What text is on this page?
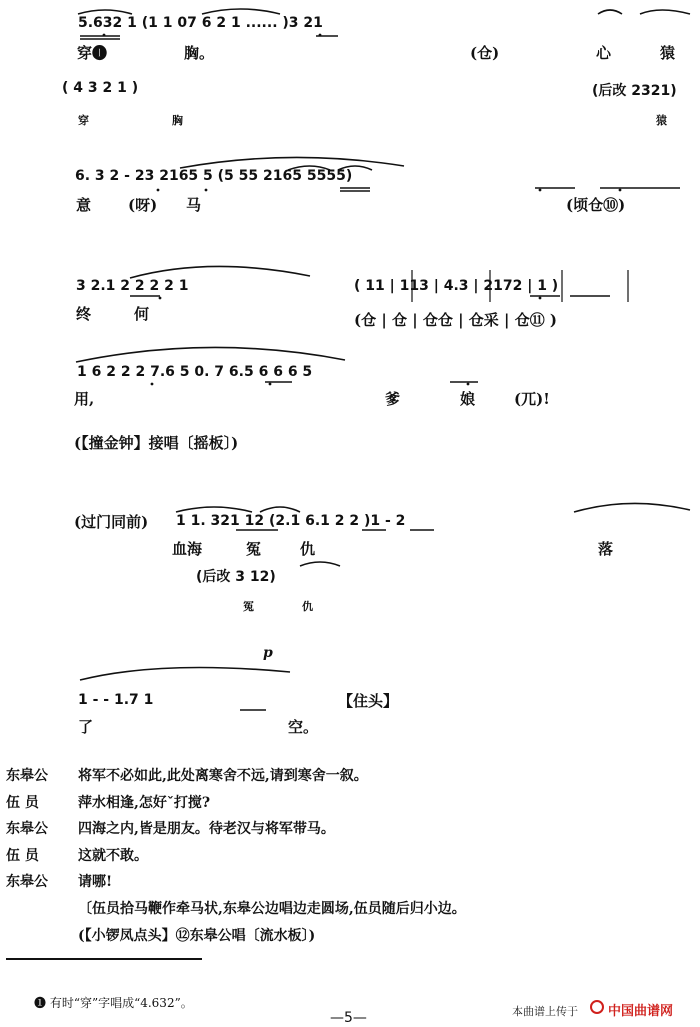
5.632 1 (1 1 07 6 2 1 ...... )3 21
穿❶	胸。	(仓)	心	猿
( 4 3 2 1 )	(后改 2321)
穿	胸	猿
6. 3 2 - 23 2165 5 (5 55 2165 5555)
意 (呀) 马	(顷仓⑩)
3 2.1 2 2 2 2 1
终	何
( 11 | 113 | 4.3 | 2172 | 1 )
(仓 | 仓 | 仓仓 | 仓采 | 仓⑪ )
1 6 2 2 2 7.6 5 0. 7 6.5 6 6 6 5
用,	爹	娘	(兀)!
(【撞金钟】接唱〔摇板〕)
(过门同前) 1 1. 321 12 (2.1 6.1 2 2 )1 - 2
血海	冤	仇	落
(后改 3 12)
冤	仇
p
1 - - 1.7 1	【住头】
了	空。
东皋公 将军不必如此,此处离寒舍不远,请到寒舍一叙。
伍 员	萍水相逢,怎好ˇ打搅?
东皋公 四海之内,皆是朋友。待老汉与将军带马。
伍 员	这就不敢。
东皋公 请哪!
〔伍员拾马鞭作牵马状,东皋公边唱边走圆场,伍员随后归小边。
(【小锣凤点头】⑫东皋公唱〔流水板〕)
❶ 有时“穿”字唱成“4.632”。
—5—	本曲谱上传于 中国曲谱网
